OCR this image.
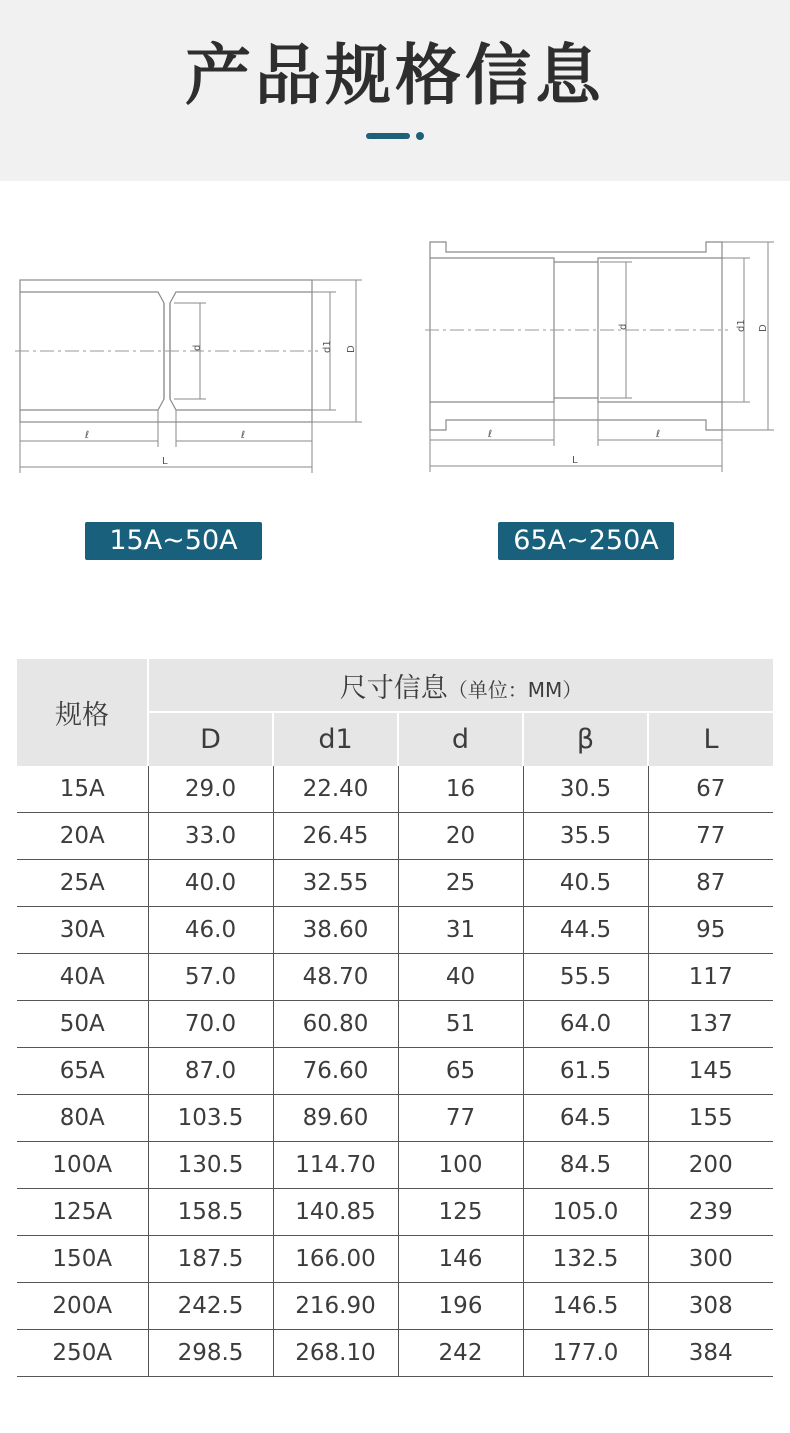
产品规格信息
d	d1 D
ℓ	ℓ
L
d	d1 D
ℓ	ℓ
L
15A~50A	65A~250A
规格	尺寸信息（单位：MM）				
	D	d1	d	β	L
15A	29.0	22.40	16	30.5	67
20A	33.0	26.45	20	35.5	77
25A	40.0	32.55	25	40.5	87
30A	46.0	38.60	31	44.5	95
40A	57.0	48.70	40	55.5	117
50A	70.0	60.80	51	64.0	137
65A	87.0	76.60	65	61.5	145
80A	103.5	89.60	77	64.5	155
100A	130.5	114.70	100	84.5	200
125A	158.5	140.85	125	105.0	239
150A	187.5	166.00	146	132.5	300
200A	242.5	216.90	196	146.5	308
250A	298.5	268.10	242	177.0	384
